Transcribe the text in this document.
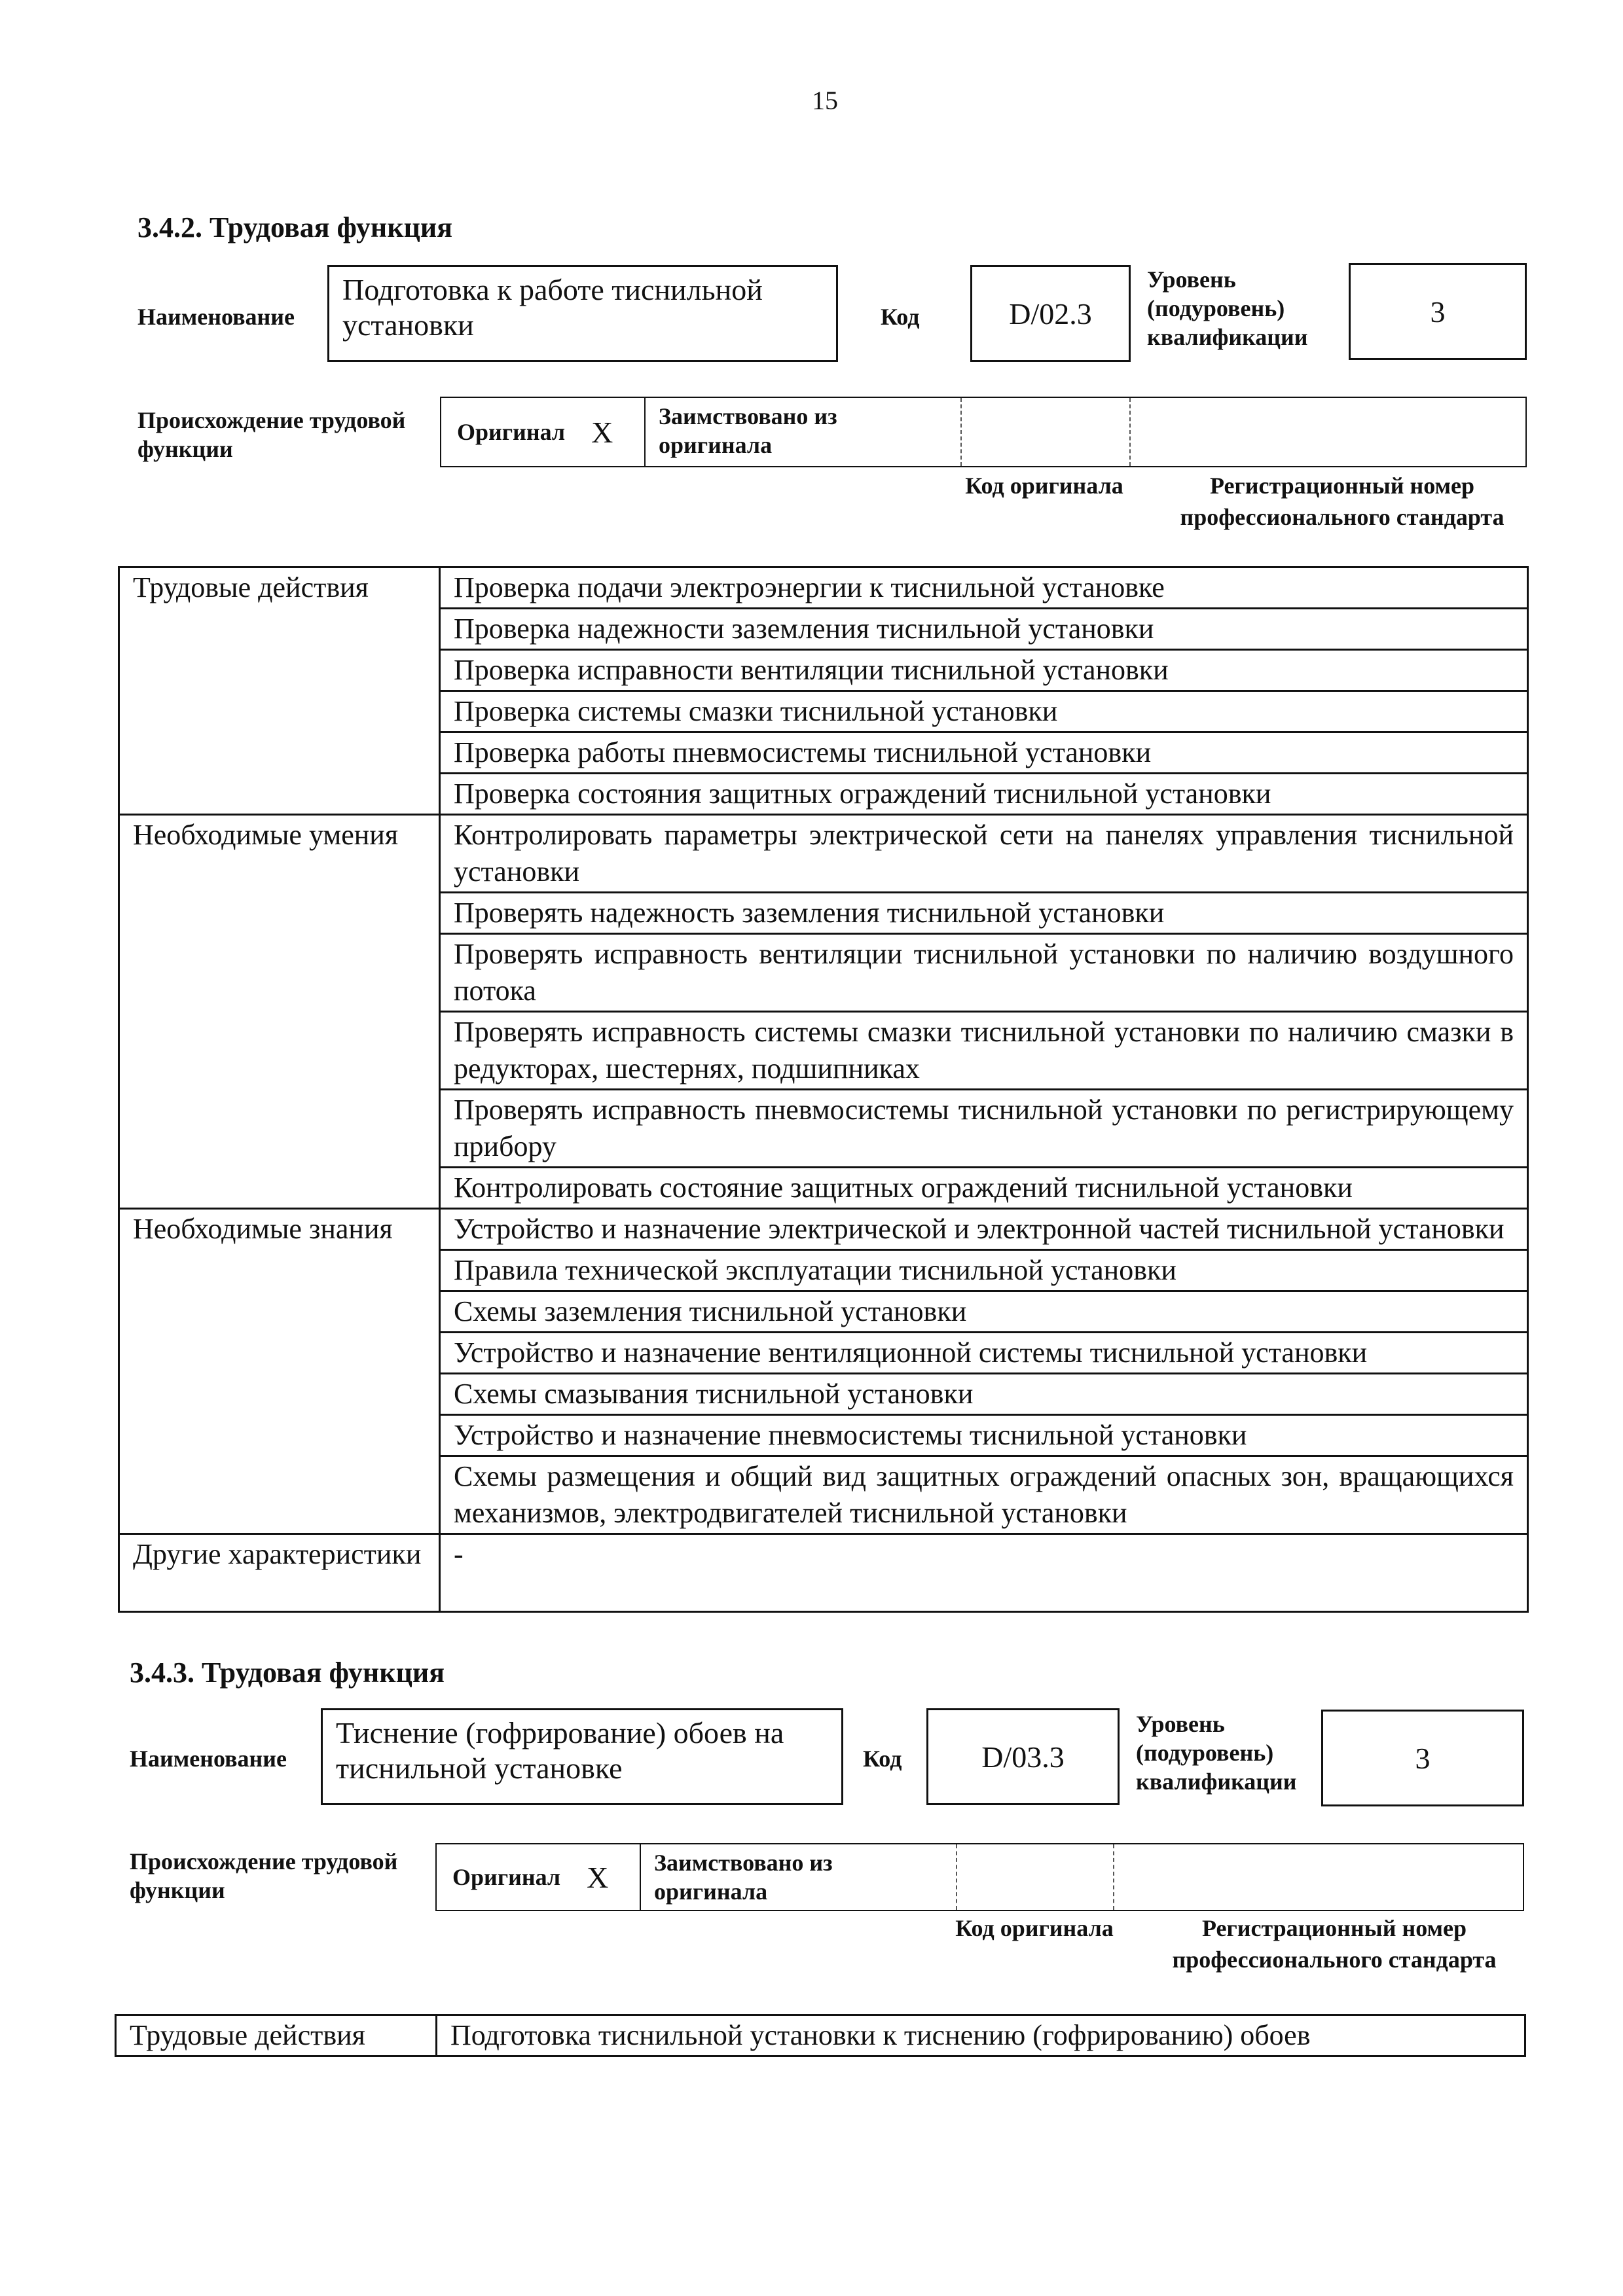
15
3.4.2. Трудовая функция
Наименование
Подготовка к работе тиснильной установки	Код	D/02.3
Уровень (подуровень) квалификации
3
Происхождение трудовой функции
Оригинал X	Заимствовано из оригинала
Код оригинала	Регистрационный номер профессионального стандарта
Трудовые действия	Проверка подачи электроэнергии к тиснильной установке
	Проверка надежности заземления тиснильной установки
	Проверка исправности вентиляции тиснильной установки
	Проверка системы смазки тиснильной установки
	Проверка работы пневмосистемы тиснильной установки
	Проверка состояния защитных ограждений тиснильной установки
Необходимые умения	Контролировать параметры электрической сети на панелях управления тиснильной установки
	Проверять надежность заземления тиснильной установки
	Проверять исправность вентиляции тиснильной установки по наличию воздушного потока
	Проверять исправность системы смазки тиснильной установки по наличию смазки в редукторах, шестернях, подшипниках
	Проверять исправность пневмосистемы тиснильной установки по регистрирующему прибору
	Контролировать состояние защитных ограждений тиснильной установки
Необходимые знания	Устройство и назначение электрической и электронной частей тиснильной установки
	Правила технической эксплуатации тиснильной установки
	Схемы заземления тиснильной установки
	Устройство и назначение вентиляционной системы тиснильной установки
	Схемы смазывания тиснильной установки
	Устройство и назначение пневмосистемы тиснильной установки
	Схемы размещения и общий вид защитных ограждений опасных зон, вращающихся механизмов, электродвигателей тиснильной установки
Другие характеристики	-
3.4.3. Трудовая функция
Наименование
Тиснение (гофрирование) обоев на тиснильной установке	Код	D/03.3
Уровень (подуровень) квалификации
3
Происхождение трудовой функции	Оригинал X	Заимствовано из оригинала
Код оригинала	Регистрационный номер профессионального стандарта
Трудовые действия	Подготовка тиснильной установки к тиснению (гофрированию) обоев
